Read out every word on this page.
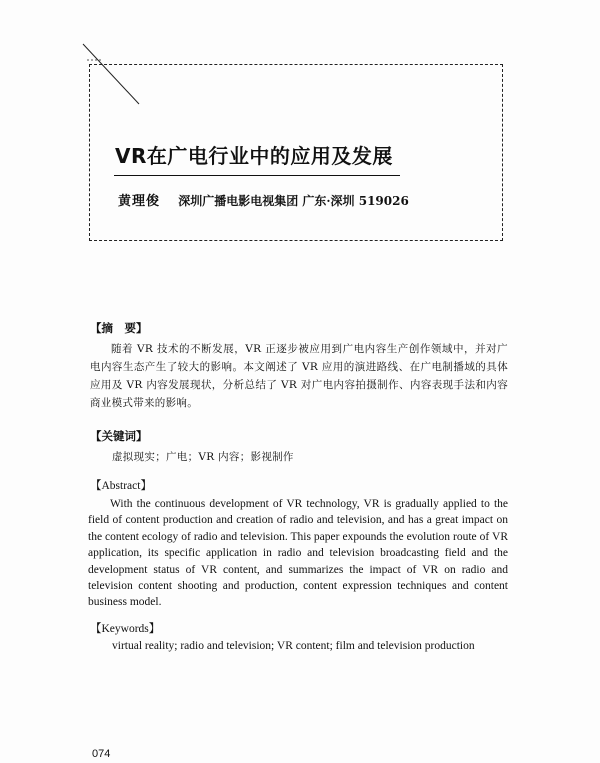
VR在广电行业中的应用及发展
黄理俊 深圳广播电影电视集团 广东·深圳 519026
【摘　要】
随着 VR 技术的不断发展，VR 正逐步被应用到广电内容生产创作领域中，并对广电内容生态产生了较大的影响。本文阐述了 VR 应用的演进路线、在广电制播域的具体应用及 VR 内容发展现状，分析总结了 VR 对广电内容拍摄制作、内容表现手法和内容商业模式带来的影响。
【关键词】
虚拟现实；广电；VR 内容；影视制作
【Abstract】
With the continuous development of VR technology, VR is gradually applied to the field of content production and creation of radio and television, and has a great impact on the content ecology of radio and television. This paper expounds the evolution route of VR application, its specific application in radio and television broadcasting field and the development status of VR content, and summarizes the impact of VR on radio and television content shooting and production, content expression techniques and content business model.
【Keywords】
virtual reality; radio and television; VR content; film and television production
074
